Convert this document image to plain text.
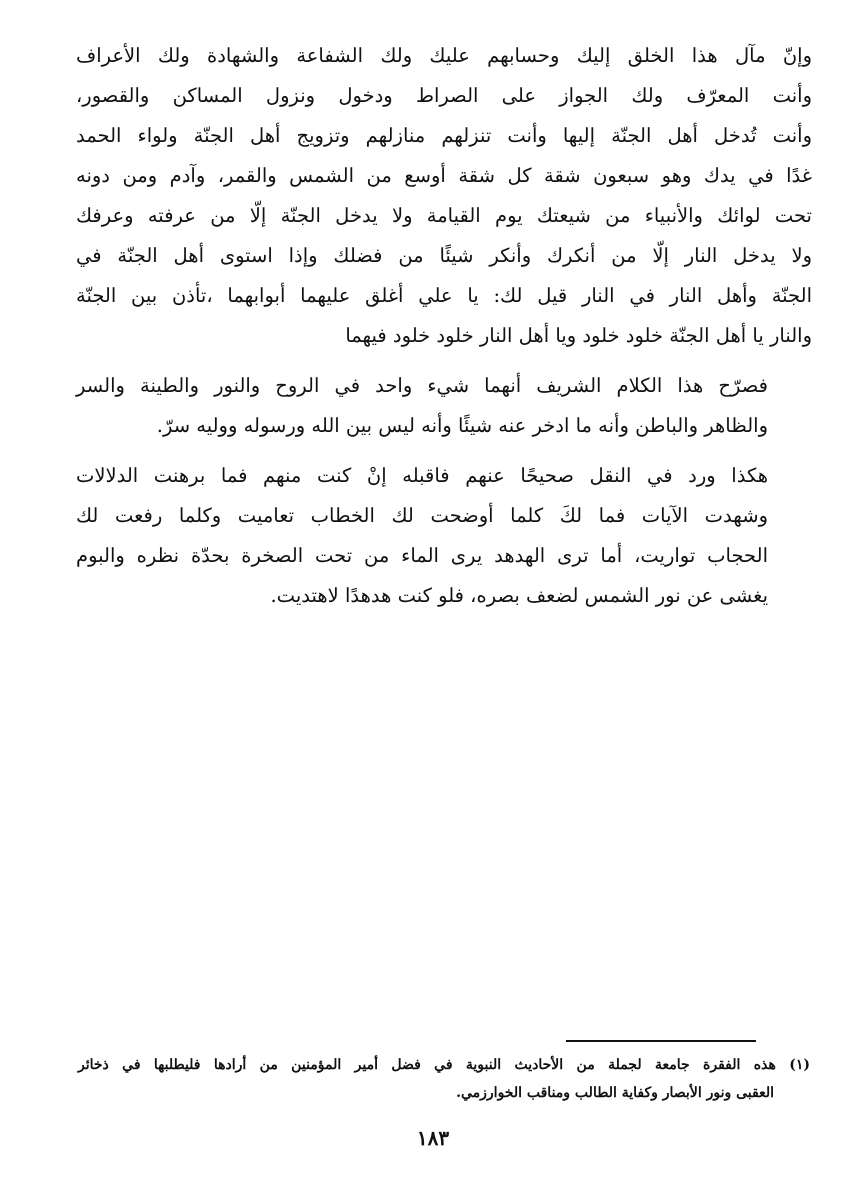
وإنّ مآل هذا الخلق إليك وحسابهم عليك ولك الشفاعة والشهادة ولك الأعراف
وأنت المعرّف ولك الجواز على الصراط ودخول ونزول المساكن والقصور،
وأنت تُدخل أهل الجنّة إليها وأنت تنزلهم منازلهم وتزويج أهل الجنّة ولواء الحمد
غدًا في يدك وهو سبعون شقة كل شقة أوسع من الشمس والقمر، وآدم ومن دونه
تحت لوائك والأنبياء من شيعتك يوم القيامة ولا يدخل الجنّة إلّا من عرفته وعرفك
ولا يدخل النار إلّا من أنكرك وأنكر شيئًا من فضلك وإذا استوى أهل الجنّة في
الجنّة وأهل النار في النار قيل لك: يا علي أغلق عليهما أبوابهما ،تأذن بين الجنّة
والنار يا أهل الجنّة خلود خلود ويا أهل النار خلود خلود فيهما

فصرّح هذا الكلام الشريف أنهما شيء واحد في الروح والنور والطينة والسر
والظاهر والباطن وأنه ما ادخر عنه شيئًا وأنه ليس بين الله ورسوله ووليه سرّ.

هكذا ورد في النقل صحيحًا عنهم فاقبله إنْ كنت منهم فما برهنت الدلالات
وشهدت الآيات فما لكَ كلما أوضحت لك الخطاب تعاميت وكلما رفعت لك
الحجاب تواريت، أما ترى الهدهد يرى الماء من تحت الصخرة بحدّة نظره والبوم
يغشى عن نور الشمس لضعف بصره، فلو كنت هدهدًا لاهتديت.

(١) هذه الفقرة جامعة لجملة من الأحاديث النبوية في فضل أمير المؤمنين من أرادها فليطلبها في ذخائر
العقبى ونور الأبصار وكفاية الطالب ومناقب الخوارزمي.
١٨٣
